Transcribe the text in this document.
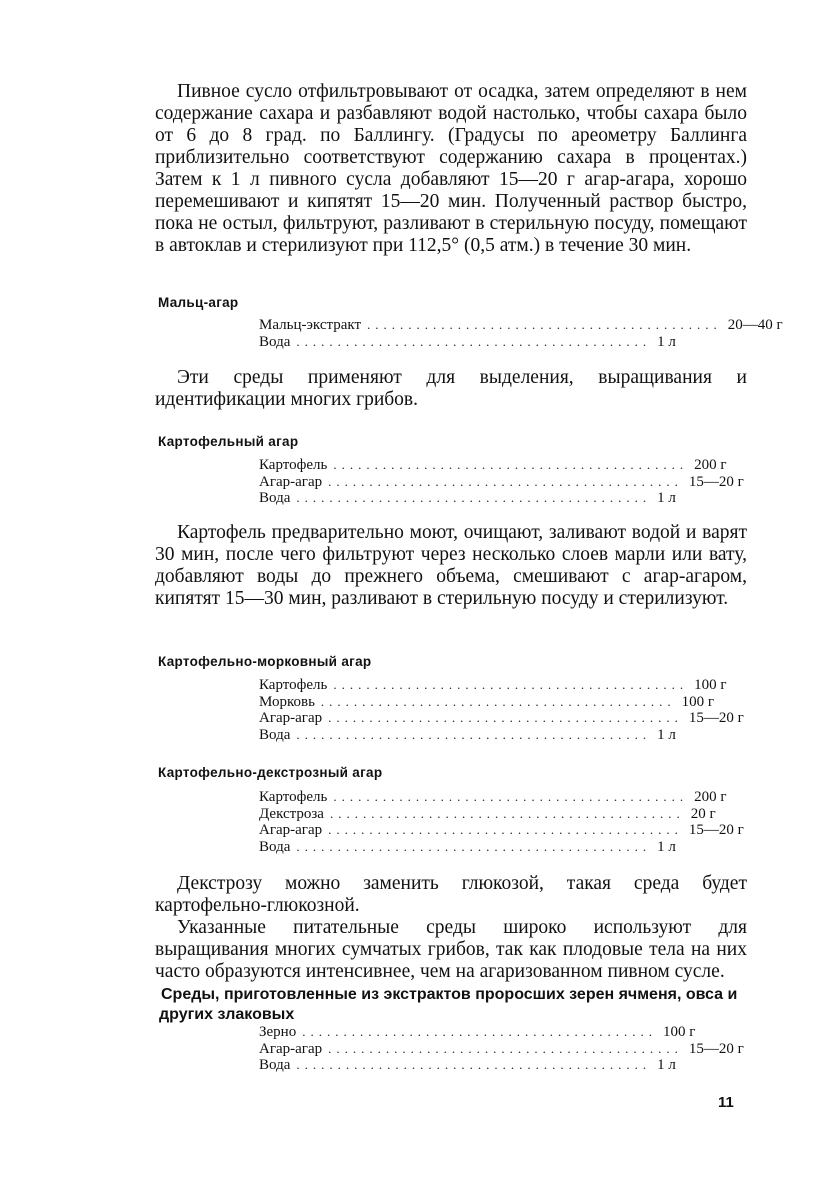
Пивное сусло отфильтровывают от осадка, затем определяют в нем содержание сахара и разбавляют водой настолько, чтобы сахара было от 6 до 8 град. по Баллингу. (Градусы по ареометру Баллинга приблизительно соответствуют содержанию сахара в процентах.) Затем к 1 л пивного сусла добавляют 15—20 г агар-агара, хорошо перемешивают и кипятят 15—20 мин. Полученный раствор быстро, пока не остыл, фильтруют, разливают в стерильную посуду, помещают в автоклав и стерилизуют при 112,5° (0,5 атм.) в течение 30 мин.
Мальц-агар
Мальц-экстракт ........................................... 20—40 г
Вода ........................................... 1 л
Эти среды применяют для выделения, выращивания и идентификации многих грибов.
Картофельный агар
Картофель ........................................... 200 г
Агар-агар ........................................... 15—20 г
Вода ........................................... 1 л
Картофель предварительно моют, очищают, заливают водой и варят 30 мин, после чего фильтруют через несколько слоев марли или вату, добавляют воды до прежнего объема, смешивают с агар-агаром, кипятят 15—30 мин, разливают в стерильную посуду и стерилизуют.
Картофельно-морковный агар
Картофель ........................................... 100 г
Морковь ........................................... 100 г
Агар-агар ........................................... 15—20 г
Вода ........................................... 1 л
Картофельно-декстрозный агар
Картофель ........................................... 200 г
Декстроза ........................................... 20 г
Агар-агар ........................................... 15—20 г
Вода ........................................... 1 л
Декстрозу можно заменить глюкозой, такая среда будет картофельно-глюкозной.
Указанные питательные среды широко используют для выращивания многих сумчатых грибов, так как плодовые тела на них часто образуются интенсивнее, чем на агаризованном пивном сусле.
Среды, приготовленные из экстрактов проросших зерен ячменя, овса и других злаковых
Зерно ........................................... 100 г
Агар-агар ........................................... 15—20 г
Вода ........................................... 1 л
11
